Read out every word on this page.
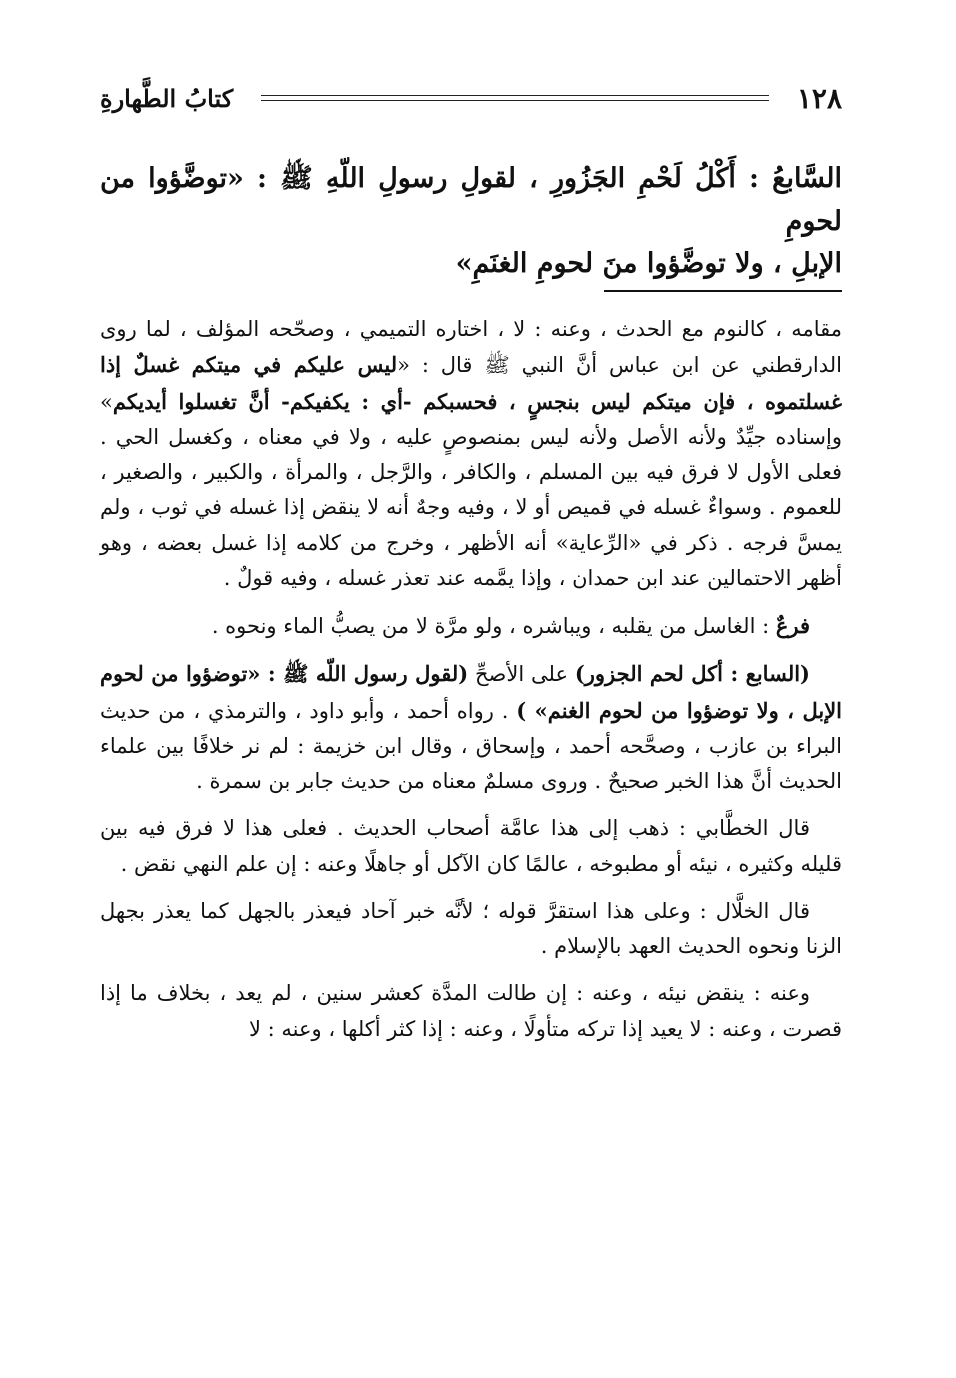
١٢٨
كتابُ الطَّهارةِ
السَّابعُ : أَكْلُ لَحْمِ الجَزُورِ ، لقولِ رسولِ اللّهِ ﷺ : «توضَّؤوا من لحومِ
الإبلِ ، ولا توضَّؤوا منَ لحومِ الغنَمِ»

مقامه ، كالنوم مع الحدث ، وعنه : لا ، اختاره التميمي ، وصحّحه المؤلف ، لما روى الدارقطني عن ابن عباس أنَّ النبي ﷺ قال : «ليس عليكم في ميتكم غسلٌ إذا غسلتموه ، فإن ميتكم ليس بنجسٍ ، فحسبكم -أي : يكفيكم- أنَّ تغسلوا أيديكم» وإسناده جيِّدٌ ولأنه الأصل ولأنه ليس بمنصوصٍ عليه ، ولا في معناه ، وكغسل الحي . فعلى الأول لا فرق فيه بين المسلم ، والكافر ، والرَّجل ، والمرأة ، والكبير ، والصغير ، للعموم . وسواءٌ غسله في قميص أو لا ، وفيه وجهٌ أنه لا ينقض إذا غسله في ثوب ، ولم يمسَّ فرجه . ذكر في «الرِّعاية» أنه الأظهر ، وخرج من كلامه إذا غسل بعضه ، وهو أظهر الاحتمالين عند ابن حمدان ، وإذا يمَّمه عند تعذر غسله ، وفيه قولٌ .

فرعٌ : الغاسل من يقلبه ، ويباشره ، ولو مرَّة لا من يصبُّ الماء ونحوه .

(السابع : أكل لحم الجزور) على الأصحِّ (لقول رسول اللّه ﷺ : «توضؤوا من لحوم الإبل ، ولا توضؤوا من لحوم الغنم» ) . رواه أحمد ، وأبو داود ، والترمذي ، من حديث البراء بن عازب ، وصحَّحه أحمد ، وإسحاق ، وقال ابن خزيمة : لم نر خلافًا بين علماء الحديث أنَّ هذا الخبر صحيحٌ . وروى مسلمٌ معناه من حديث جابر بن سمرة .

قال الخطَّابي : ذهب إلى هذا عامَّة أصحاب الحديث . فعلى هذا لا فرق فيه بين قليله وكثيره ، نيئه أو مطبوخه ، عالمًا كان الآكل أو جاهلًا وعنه : إن علم النهي نقض .

قال الخلَّال : وعلى هذا استقرَّ قوله ؛ لأنَّه خبر آحاد فيعذر بالجهل كما يعذر بجهل الزنا ونحوه الحديث العهد بالإسلام .

وعنه : ينقض نيئه ، وعنه : إن طالت المدَّة كعشر سنين ، لم يعد ، بخلاف ما إذا قصرت ، وعنه : لا يعيد إذا تركه متأولًا ، وعنه : إذا كثر أكلها ، وعنه : لا
